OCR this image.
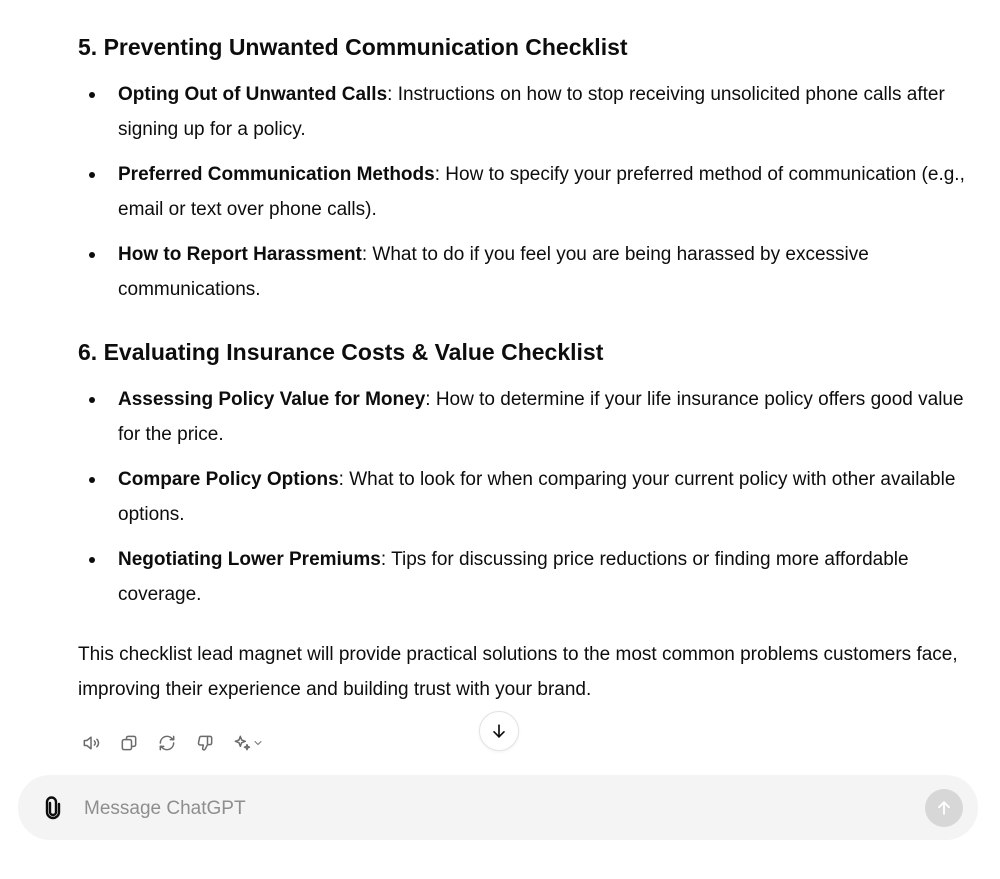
5. Preventing Unwanted Communication Checklist
Opting Out of Unwanted Calls: Instructions on how to stop receiving unsolicited phone calls after signing up for a policy.
Preferred Communication Methods: How to specify your preferred method of communication (e.g., email or text over phone calls).
How to Report Harassment: What to do if you feel you are being harassed by excessive communications.
6. Evaluating Insurance Costs & Value Checklist
Assessing Policy Value for Money: How to determine if your life insurance policy offers good value for the price.
Compare Policy Options: What to look for when comparing your current policy with other available options.
Negotiating Lower Premiums: Tips for discussing price reductions or finding more affordable coverage.

This checklist lead magnet will provide practical solutions to the most common problems customers face, improving their experience and building trust with your brand.

Message ChatGPT
